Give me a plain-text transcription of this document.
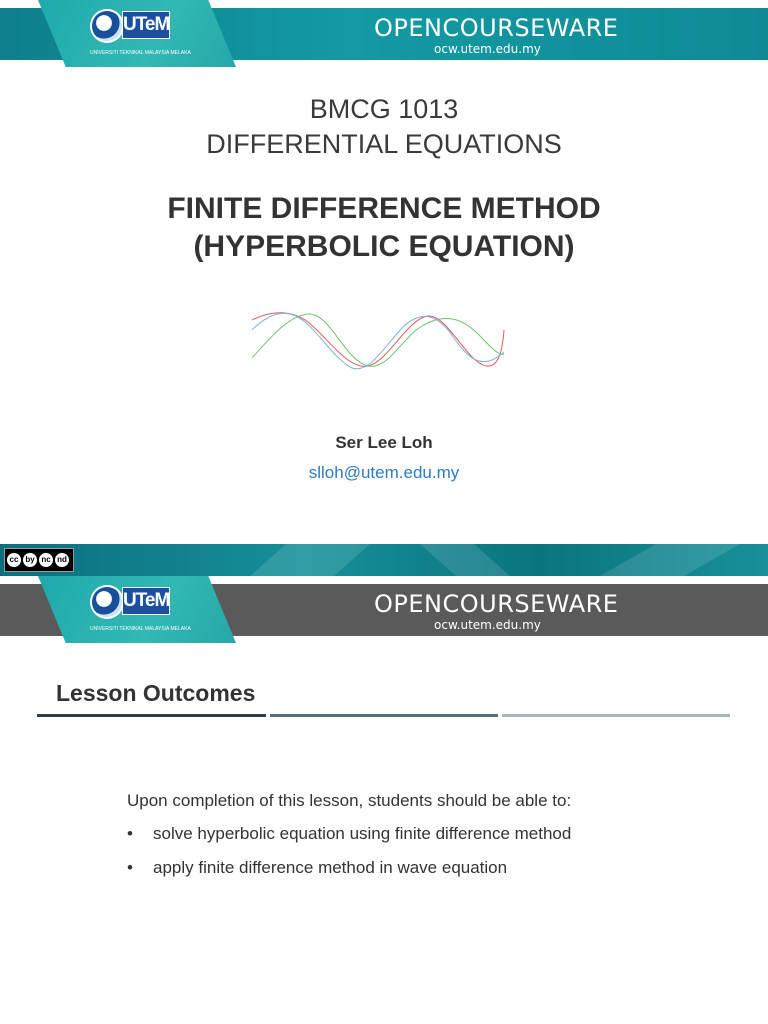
OPENCOURSEWARE
ocw.utem.edu.my
UTeM
UNIVERSITI TEKNIKAL MALAYSIA MELAKA
BMCG 1013
DIFFERENTIAL EQUATIONS
FINITE DIFFERENCE METHOD
(HYPERBOLIC EQUATION)
Ser Lee Loh
slloh@utem.edu.my
cc by nc nd
OPENCOURSEWARE
ocw.utem.edu.my
UTeM
UNIVERSITI TEKNIKAL MALAYSIA MELAKA
Lesson Outcomes
Upon completion of this lesson, students should be able to:
• solve hyperbolic equation using finite difference method
• apply finite difference method in wave equation
